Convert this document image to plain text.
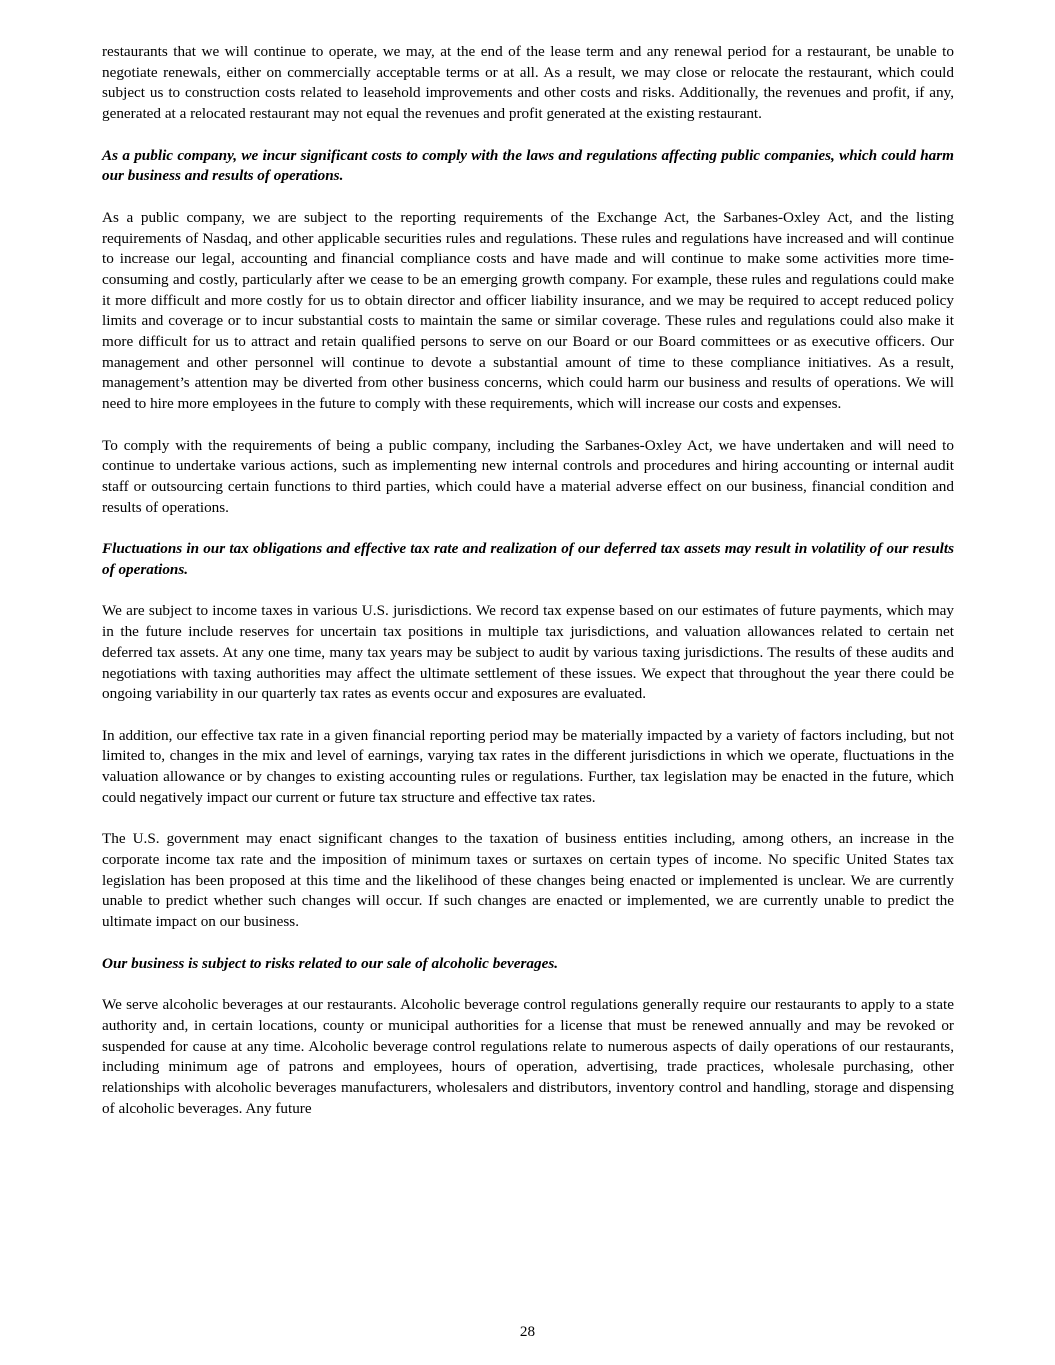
restaurants that we will continue to operate, we may, at the end of the lease term and any renewal period for a restaurant, be unable to negotiate renewals, either on commercially acceptable terms or at all. As a result, we may close or relocate the restaurant, which could subject us to construction costs related to leasehold improvements and other costs and risks. Additionally, the revenues and profit, if any, generated at a relocated restaurant may not equal the revenues and profit generated at the existing restaurant.

As a public company, we incur significant costs to comply with the laws and regulations affecting public companies, which could harm our business and results of operations.

As a public company, we are subject to the reporting requirements of the Exchange Act, the Sarbanes-Oxley Act, and the listing requirements of Nasdaq, and other applicable securities rules and regulations. These rules and regulations have increased and will continue to increase our legal, accounting and financial compliance costs and have made and will continue to make some activities more time-consuming and costly, particularly after we cease to be an emerging growth company. For example, these rules and regulations could make it more difficult and more costly for us to obtain director and officer liability insurance, and we may be required to accept reduced policy limits and coverage or to incur substantial costs to maintain the same or similar coverage. These rules and regulations could also make it more difficult for us to attract and retain qualified persons to serve on our Board or our Board committees or as executive officers. Our management and other personnel will continue to devote a substantial amount of time to these compliance initiatives. As a result, management’s attention may be diverted from other business concerns, which could harm our business and results of operations. We will need to hire more employees in the future to comply with these requirements, which will increase our costs and expenses.

To comply with the requirements of being a public company, including the Sarbanes-Oxley Act, we have undertaken and will need to continue to undertake various actions, such as implementing new internal controls and procedures and hiring accounting or internal audit staff or outsourcing certain functions to third parties, which could have a material adverse effect on our business, financial condition and results of operations.

Fluctuations in our tax obligations and effective tax rate and realization of our deferred tax assets may result in volatility of our results of operations.

We are subject to income taxes in various U.S. jurisdictions. We record tax expense based on our estimates of future payments, which may in the future include reserves for uncertain tax positions in multiple tax jurisdictions, and valuation allowances related to certain net deferred tax assets. At any one time, many tax years may be subject to audit by various taxing jurisdictions. The results of these audits and negotiations with taxing authorities may affect the ultimate settlement of these issues. We expect that throughout the year there could be ongoing variability in our quarterly tax rates as events occur and exposures are evaluated.

In addition, our effective tax rate in a given financial reporting period may be materially impacted by a variety of factors including, but not limited to, changes in the mix and level of earnings, varying tax rates in the different jurisdictions in which we operate, fluctuations in the valuation allowance or by changes to existing accounting rules or regulations. Further, tax legislation may be enacted in the future, which could negatively impact our current or future tax structure and effective tax rates.

The U.S. government may enact significant changes to the taxation of business entities including, among others, an increase in the corporate income tax rate and the imposition of minimum taxes or surtaxes on certain types of income. No specific United States tax legislation has been proposed at this time and the likelihood of these changes being enacted or implemented is unclear. We are currently unable to predict whether such changes will occur. If such changes are enacted or implemented, we are currently unable to predict the ultimate impact on our business.

Our business is subject to risks related to our sale of alcoholic beverages.

We serve alcoholic beverages at our restaurants. Alcoholic beverage control regulations generally require our restaurants to apply to a state authority and, in certain locations, county or municipal authorities for a license that must be renewed annually and may be revoked or suspended for cause at any time. Alcoholic beverage control regulations relate to numerous aspects of daily operations of our restaurants, including minimum age of patrons and employees, hours of operation, advertising, trade practices, wholesale purchasing, other relationships with alcoholic beverages manufacturers, wholesalers and distributors, inventory control and handling, storage and dispensing of alcoholic beverages. Any future

28
